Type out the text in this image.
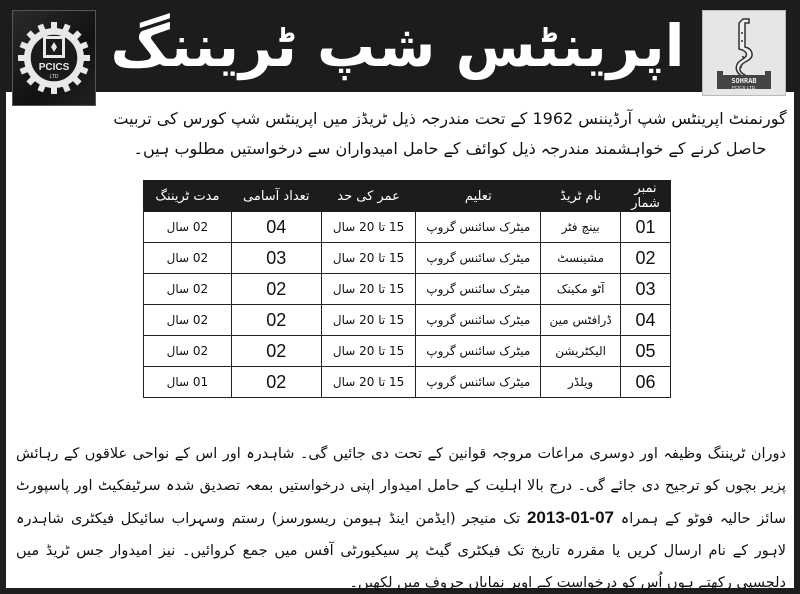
اپرینٹس شپ ٹریننگ
PCICS
LTD	SOHRAB
PCICS LTD.
گورنمنٹ اپرینٹس شپ آرڈیننس 1962 کے تحت مندرجہ ذیل ٹریڈز میں اپرینٹس شپ کورس کی تربیت
حاصل کرنے کے خواہشمند مندرجہ ذیل کوائف کے حامل امیدواران سے درخواستیں مطلوب ہیں۔
نمبر شمار	نام ٹریڈ	تعلیم	عمر کی حد	تعداد آسامی	مدت ٹریننگ
01	بینچ فٹر	میٹرک سائنس گروپ	15 تا 20 سال	04	02 سال
02	مشینسٹ	میٹرک سائنس گروپ	15 تا 20 سال	03	02 سال
03	آٹو مکینک	میٹرک سائنس گروپ	15 تا 20 سال	02	02 سال
04	ڈرافٹس مین	میٹرک سائنس گروپ	15 تا 20 سال	02	02 سال
05	الیکٹریشن	میٹرک سائنس گروپ	15 تا 20 سال	02	02 سال
06	ویلڈر	میٹرک سائنس گروپ	15 تا 20 سال	02	01 سال
دوران ٹریننگ وظیفہ اور دوسری مراعات مروجہ قوانین کے تحت دی جائیں گی۔ شاہدرہ اور اس کے نواحی علاقوں کے رہائش پزیر بچوں کو ترجیح دی جائے گی۔ درج بالا اہلیت کے حامل امیدوار اپنی درخواستیں بمعہ تصدیق شدہ سرٹیفکیٹ اور پاسپورٹ سائز حالیہ فوٹو کے ہمراہ 07-01-2013 تک منیجر (ایڈمن اینڈ ہیومن ریسورسز) رستم وسہراب سائیکل فیکٹری شاہدرہ لاہور کے نام ارسال کریں یا مقررہ تاریخ تک فیکٹری گیٹ پر سیکیورٹی آفس میں جمع کروائیں۔ نیز امیدوار جس ٹریڈ میں دلچسپی رکھتے ہوں اُس کو درخواست کے اوپر نمایاں حروف میں لکھیں۔
